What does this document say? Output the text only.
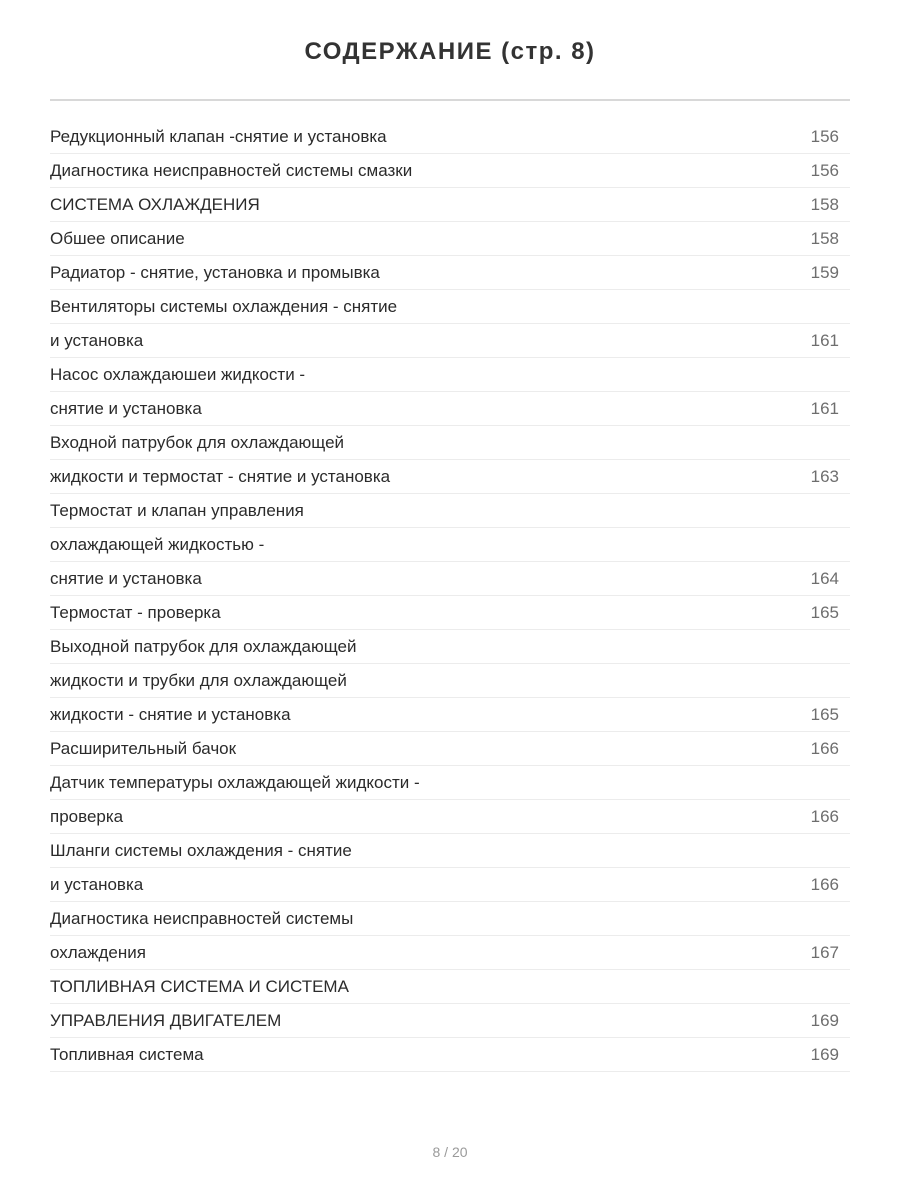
СОДЕРЖАНИЕ (стр. 8)
Редукционный клапан -снятие и установка	156
Диагностика неисправностей системы смазки	156
СИСТЕМА ОХЛАЖДЕНИЯ	158
Обшее описание	158
Радиатор - снятие, установка и промывка	159
Вентиляторы системы охлаждения - снятие
и установка	161
Насос охлаждаюшеи жидкости -
снятие и установка	161
Входной патрубок для охлаждающей
жидкости и термостат - снятие и установка	163
Термостат и клапан управления
охлаждающей жидкостью -
снятие и установка	164
Термостат - проверка	165
Выходной патрубок для охлаждающей
жидкости и трубки для охлаждающей
жидкости - снятие и установка	165
Расширительный бачок	166
Датчик температуры охлаждающей жидкости -
проверка	166
Шланги системы охлаждения - снятие
и установка	166
Диагностика неисправностей системы
охлаждения	167
ТОПЛИВНАЯ СИСТЕМА И СИСТЕМА
УПРАВЛЕНИЯ ДВИГАТЕЛЕМ	169
Топливная система	169
8 / 20
